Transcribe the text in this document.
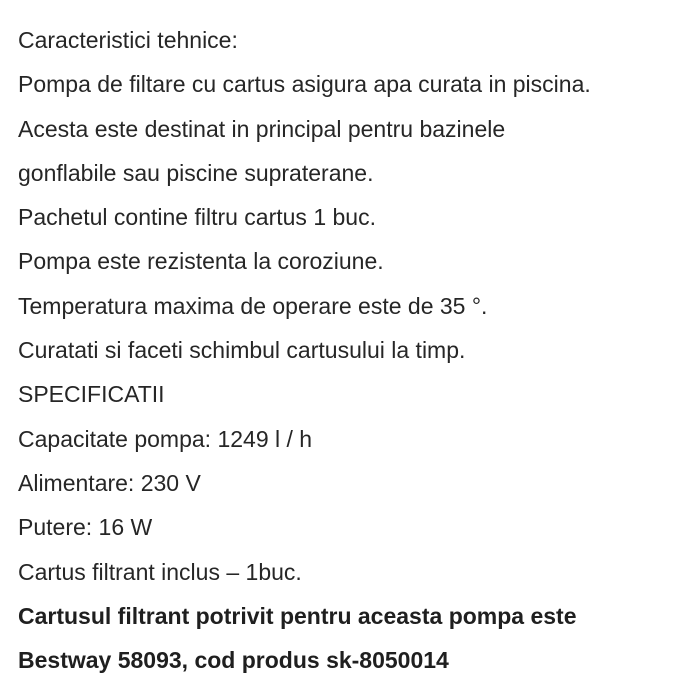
Caracteristici tehnice:
Pompa de filtare cu cartus asigura apa curata in piscina.
Acesta este destinat in principal pentru bazinele
gonflabile sau piscine supraterane.
Pachetul contine filtru cartus 1 buc.
Pompa este rezistenta la coroziune.
Temperatura maxima de operare este de 35 °.
Curatati si faceti schimbul cartusului la timp.
SPECIFICATII
Capacitate pompa: 1249 l / h
Alimentare: 230 V
Putere: 16 W
Cartus filtrant inclus – 1buc.
Cartusul filtrant potrivit pentru aceasta pompa este
Bestway 58093, cod produs sk-8050014
